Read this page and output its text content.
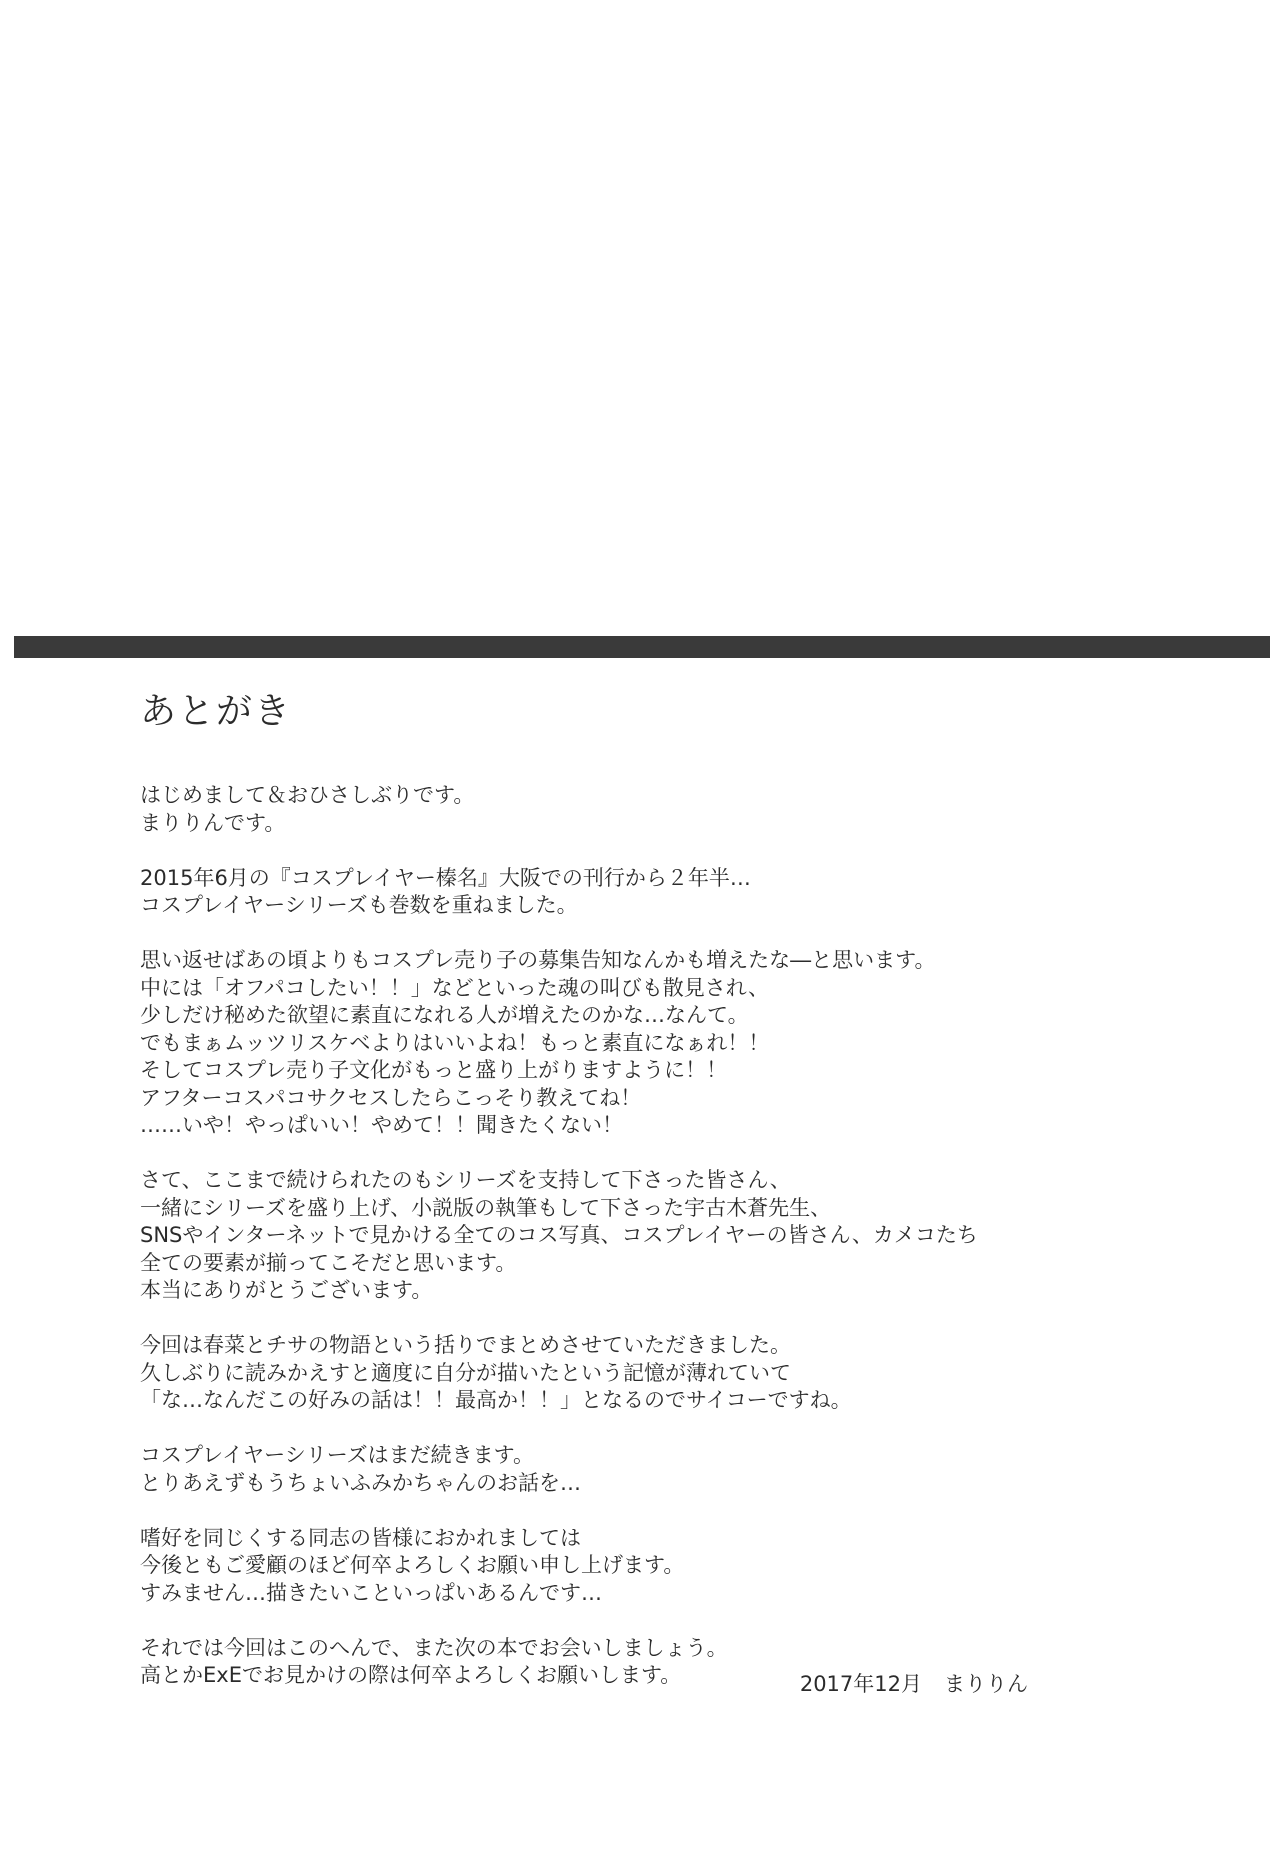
あとがき

はじめまして＆おひさしぶりです。
まりりんです。

2015年6月の『コスプレイヤー榛名』大阪での刊行から２年半…
コスプレイヤーシリーズも巻数を重ねました。

思い返せばあの頃よりもコスプレ売り子の募集告知なんかも増えたな―と思います。
中には「オフパコしたい！！」などといった魂の叫びも散見され、
少しだけ秘めた欲望に素直になれる人が増えたのかな…なんて。
でもまぁムッツリスケベよりはいいよね！もっと素直になぁれ！！
そしてコスプレ売り子文化がもっと盛り上がりますように！！
アフターコスパコサクセスしたらこっそり教えてね！
……いや！やっぱいい！やめて！！聞きたくない！

さて、ここまで続けられたのもシリーズを支持して下さった皆さん、
一緒にシリーズを盛り上げ、小説版の執筆もして下さった宇古木蒼先生、
SNSやインターネットで見かける全てのコス写真、コスプレイヤーの皆さん、カメコたち
全ての要素が揃ってこそだと思います。
本当にありがとうございます。

今回は春菜とチサの物語という括りでまとめさせていただきました。
久しぶりに読みかえすと適度に自分が描いたという記憶が薄れていて
「な…なんだこの好みの話は！！最高か！！」となるのでサイコーですね。

コスプレイヤーシリーズはまだ続きます。
とりあえずもうちょいふみかちゃんのお話を…

嗜好を同じくする同志の皆様におかれましては
今後ともご愛顧のほど何卒よろしくお願い申し上げます。
すみません…描きたいこといっぱいあるんです…

それでは今回はこのへんで、また次の本でお会いしましょう。
高とかExEでお見かけの際は何卒よろしくお願いします。	2017年12月 まりりん
